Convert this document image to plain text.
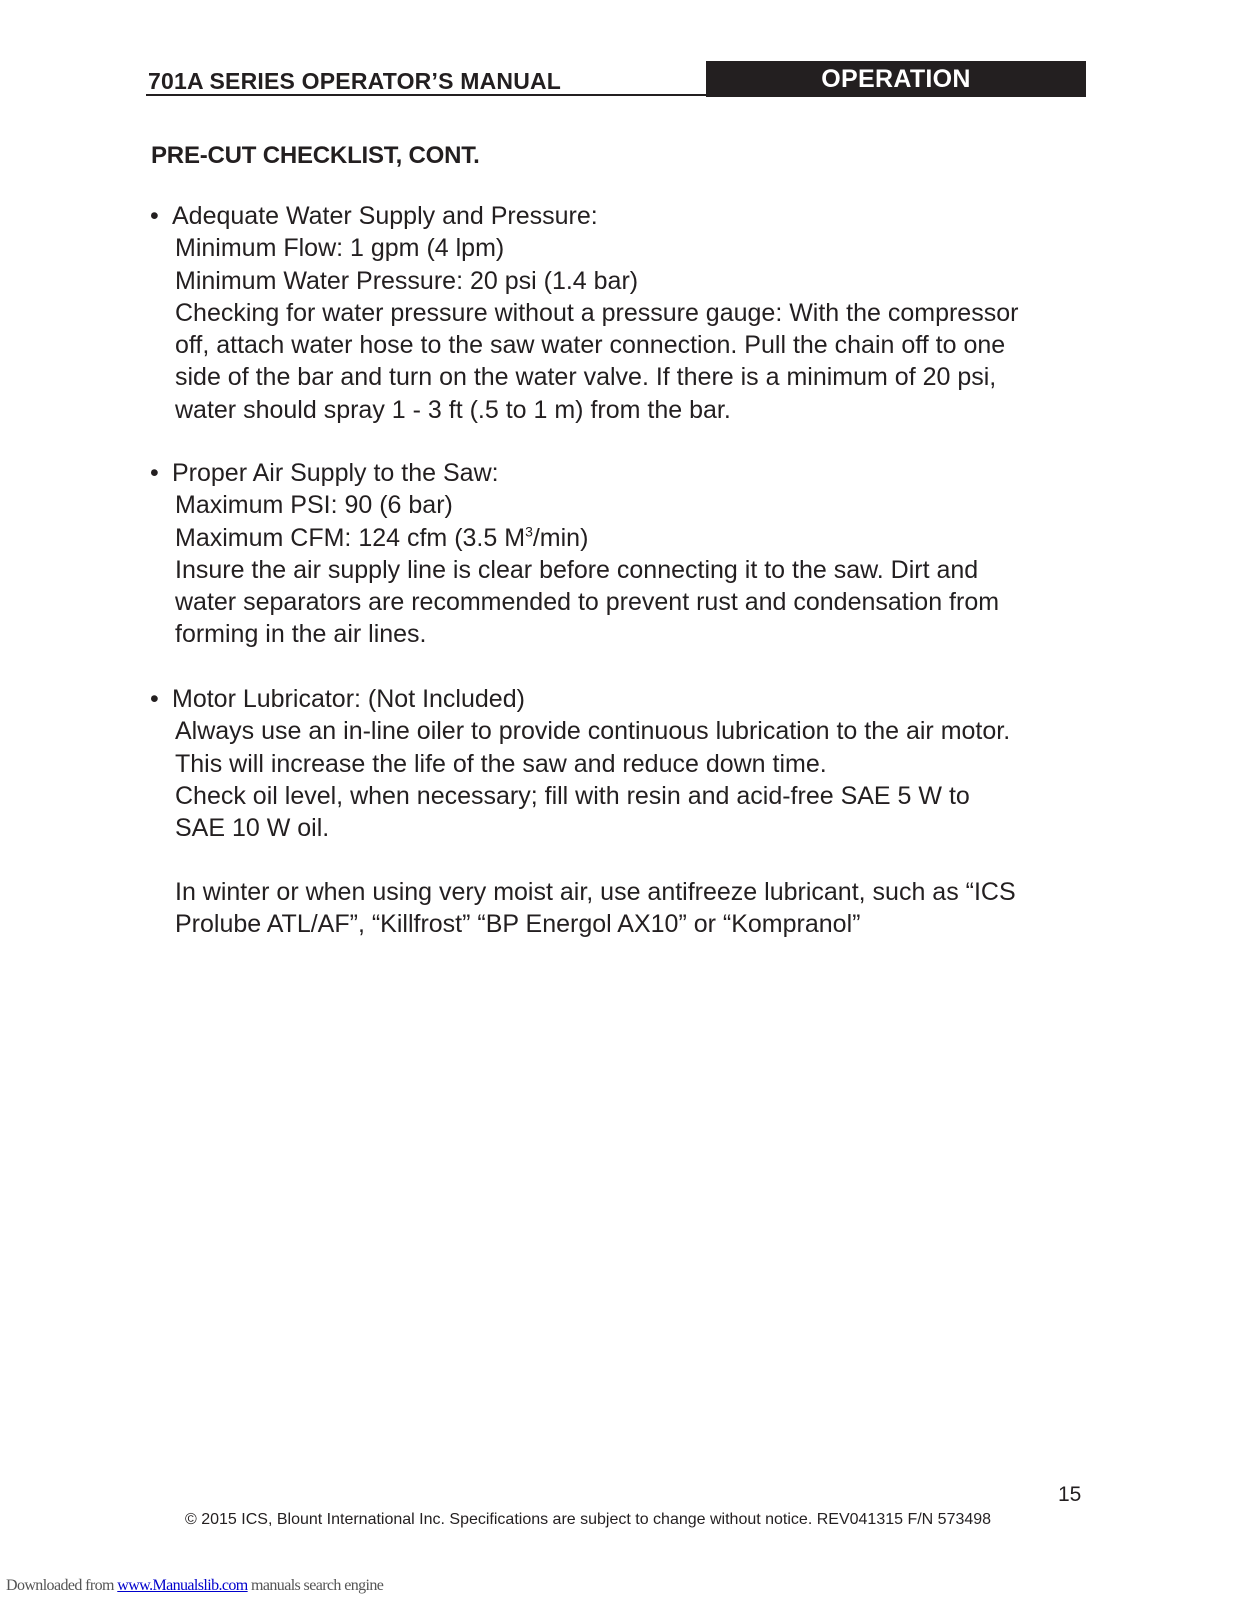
701A SERIES OPERATOR’S MANUAL	OPERATION
PRE-CUT CHECKLIST, CONT.
• Adequate Water Supply and Pressure:
Minimum Flow: 1 gpm (4 lpm)
Minimum Water Pressure: 20 psi (1.4 bar)
Checking for water pressure without a pressure gauge: With the compressor
off, attach water hose to the saw water connection. Pull the chain off to one
side of the bar and turn on the water valve. If there is a minimum of 20 psi,
water should spray 1 - 3 ft (.5 to 1 m) from the bar.
• Proper Air Supply to the Saw:
Maximum PSI: 90 (6 bar)
Maximum CFM: 124 cfm (3.5 $M^3/\min$)
Insure the air supply line is clear before connecting it to the saw. Dirt and
water separators are recommended to prevent rust and condensation from
forming in the air lines.
• Motor Lubricator: (Not Included)
Always use an in-line oiler to provide continuous lubrication to the air motor.
This will increase the life of the saw and reduce down time.
Check oil level, when necessary; fill with resin and acid-free SAE 5 W to
SAE 10 W oil.
In winter or when using very moist air, use antifreeze lubricant, such as “ICS
Prolube ATL/AF”, “Killfrost” “BP Energol AX10” or “Kompranol”
15
© 2015 ICS, Blount International Inc. Specifications are subject to change without notice. REV041315 F/N 573498
Downloaded from www.Manualslib.com manuals search engine
